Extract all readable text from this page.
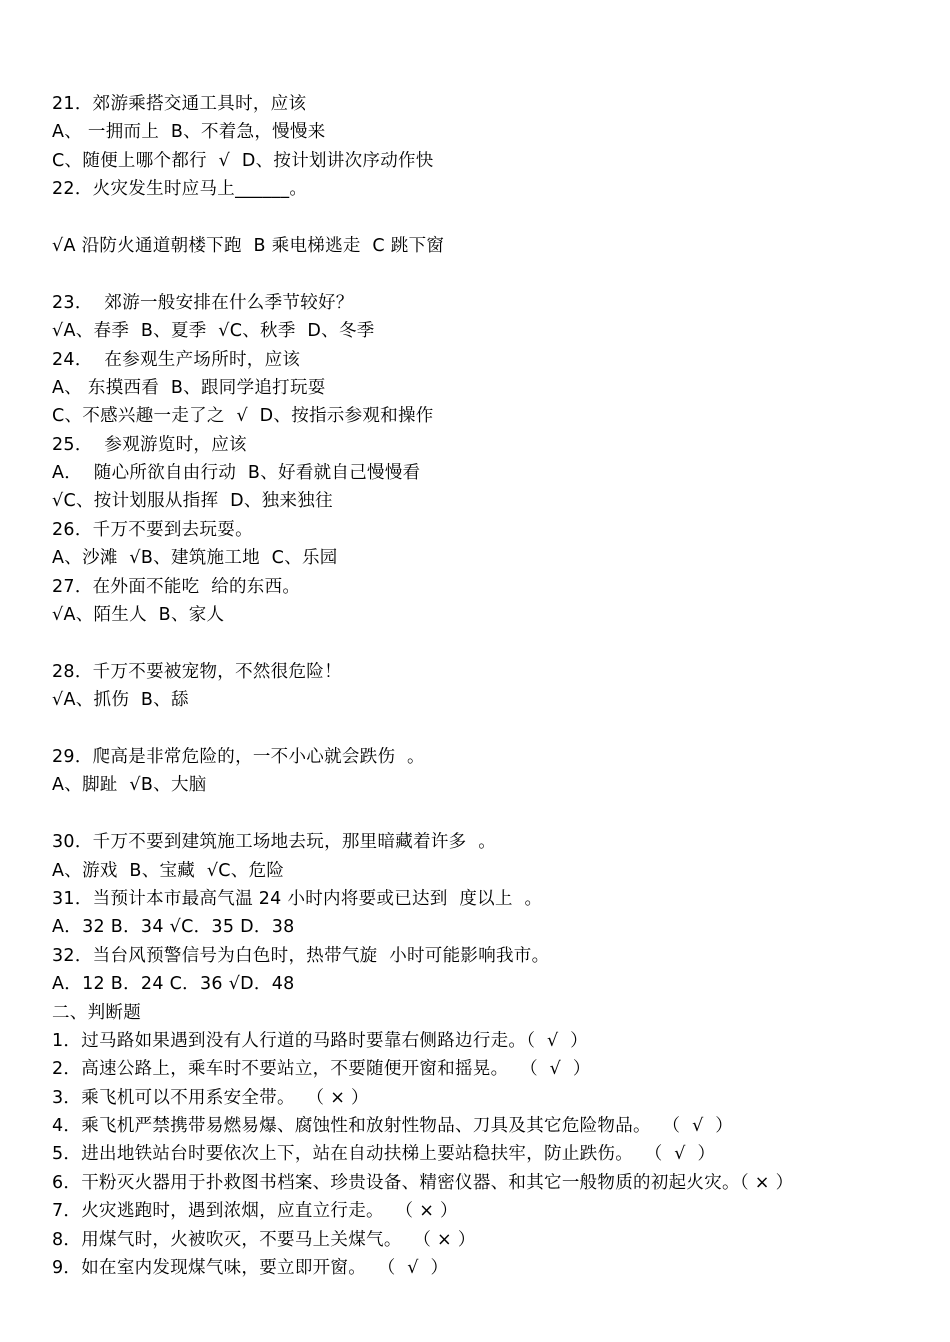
21．郊游乘搭交通工具时，应该
A、 一拥而上  B、不着急，慢慢来
C、随便上哪个都行  √  D、按计划讲次序动作快
22．火灾发生时应马上______。
√A 沿防火通道朝楼下跑  B 乘电梯逃走  C 跳下窗
23．  郊游一般安排在什么季节较好？
√A、春季  B、夏季  √C、秋季  D、冬季
24．  在参观生产场所时，应该
A、 东摸西看  B、跟同学追打玩耍
C、不感兴趣一走了之  √  D、按指示参观和操作
25．  参观游览时，应该
A．  随心所欲自由行动  B、好看就自己慢慢看
√C、按计划服从指挥  D、独来独往
26．千万不要到去玩耍。
A、沙滩  √B、建筑施工地  C、乐园
27．在外面不能吃  给的东西。
√A、陌生人  B、家人
28．千万不要被宠物，不然很危险！
√A、抓伤  B、舔
29．爬高是非常危险的，一不小心就会跌伤  。
A、脚趾  √B、大脑
30．千万不要到建筑施工场地去玩，那里暗藏着许多  。
A、游戏  B、宝藏  √C、危险
31．当预计本市最高气温 24 小时内将要或已达到  度以上  。
A．32 B．34 √C．35 D．38
32．当台风预警信号为白色时，热带气旋  小时可能影响我市。
A．12 B．24 C．36 √D．48
二、判断题
1．过马路如果遇到没有人行道的马路时要靠右侧路边行走。（  √  ）
2．高速公路上，乘车时不要站立，不要随便开窗和摇晃。  （  √  ）
3．乘飞机可以不用系安全带。  （ × ）
4．乘飞机严禁携带易燃易爆、腐蚀性和放射性物品、刀具及其它危险物品。  （  √  ）
5．进出地铁站台时要依次上下，站在自动扶梯上要站稳扶牢，防止跌伤。  （  √  ）
6．干粉灭火器用于扑救图书档案、珍贵设备、精密仪器、和其它一般物质的初起火灾。（ × ）
7．火灾逃跑时，遇到浓烟，应直立行走。  （ × ）
8．用煤气时，火被吹灭，不要马上关煤气。  （ × ）
9．如在室内发现煤气味，要立即开窗。  （  √  ）
